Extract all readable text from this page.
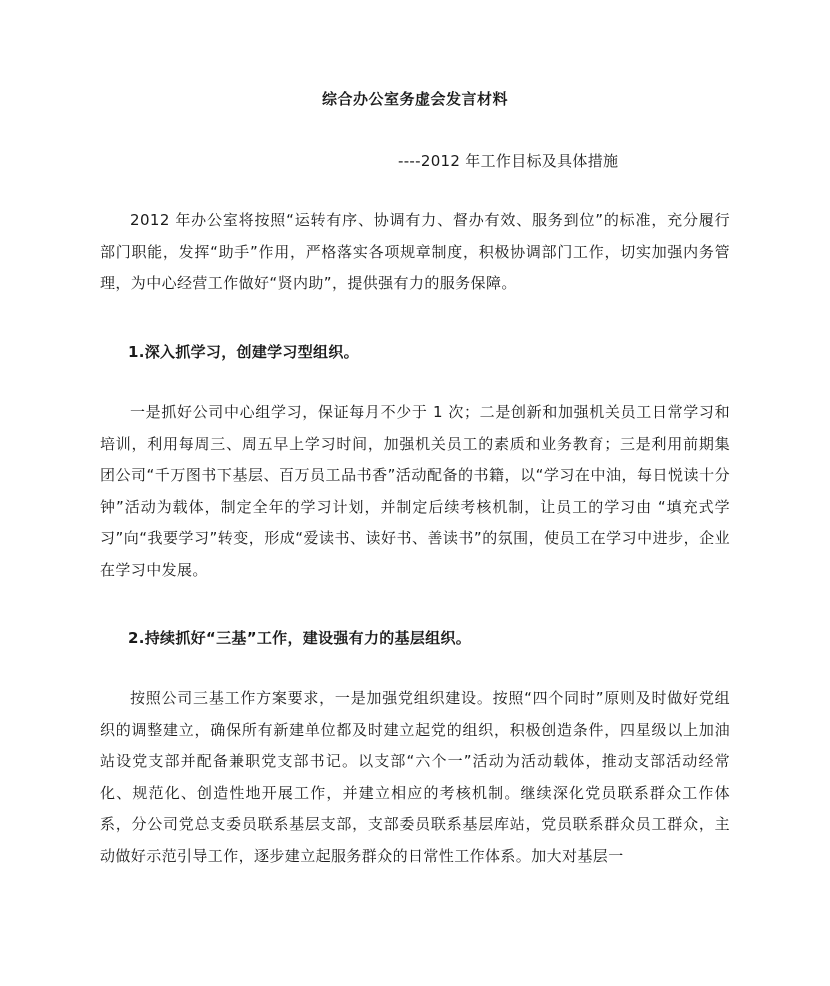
综合办公室务虚会发言材料
----2012 年工作目标及具体措施

2012 年办公室将按照“运转有序、协调有力、督办有效、服务到位”的标准，充分履行部门职能，发挥“助手”作用，严格落实各项规章制度，积极协调部门工作，切实加强内务管理，为中心经营工作做好“贤内助”，提供强有力的服务保障。

1.深入抓学习，创建学习型组织。

一是抓好公司中心组学习，保证每月不少于 1 次；二是创新和加强机关员工日常学习和培训，利用每周三、周五早上学习时间，加强机关员工的素质和业务教育；三是利用前期集团公司“千万图书下基层、百万员工品书香”活动配备的书籍，以“学习在中油，每日悦读十分钟”活动为载体，制定全年的学习计划，并制定后续考核机制，让员工的学习由 “填充式学习”向“我要学习”转变，形成“爱读书、读好书、善读书”的氛围，使员工在学习中进步，企业在学习中发展。

2.持续抓好“三基”工作，建设强有力的基层组织。

按照公司三基工作方案要求，一是加强党组织建设。按照“四个同时”原则及时做好党组织的调整建立，确保所有新建单位都及时建立起党的组织，积极创造条件，四星级以上加油站设党支部并配备兼职党支部书记。以支部“六个一”活动为活动载体，推动支部活动经常化、规范化、创造性地开展工作，并建立相应的考核机制。继续深化党员联系群众工作体系，分公司党总支委员联系基层支部，支部委员联系基层库站，党员联系群众员工群众，主动做好示范引导工作，逐步建立起服务群众的日常性工作体系。加大对基层一
